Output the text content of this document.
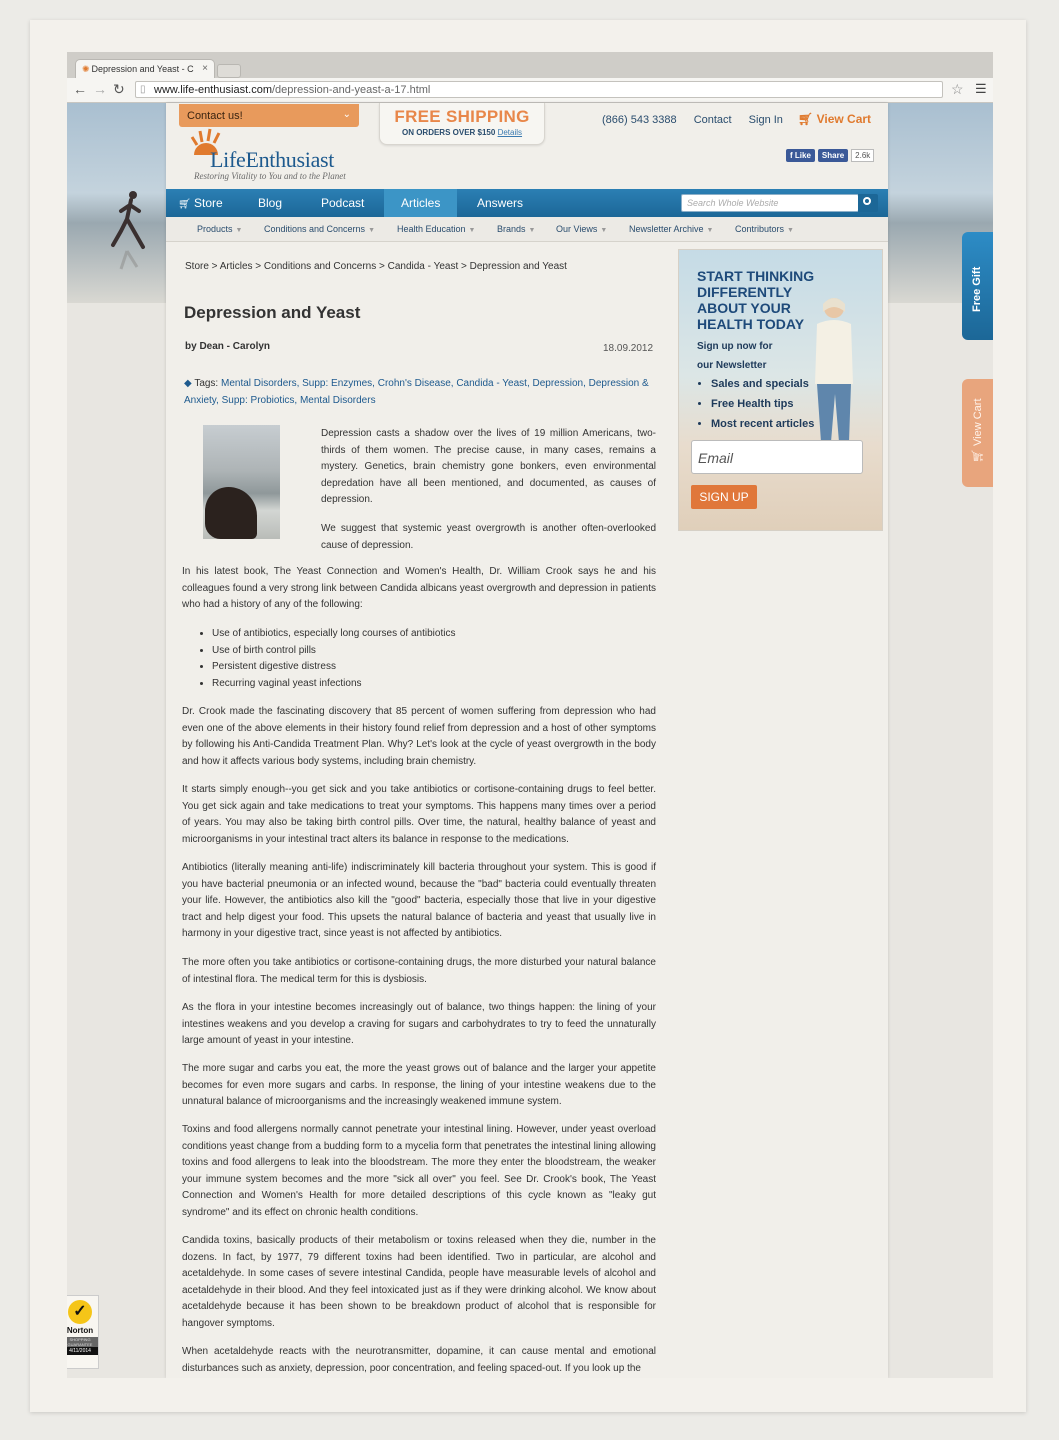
✺ Depression and Yeast - C ×
← → ↻ ▯ www.life-enthusiast.com/depression-and-yeast-a-17.html	☆ ☰
Contact us!	⌄
LifeEnthusiast
Restoring Vitality to You and to the Planet
FREE SHIPPING
ON ORDERS OVER $150 Details
(866) 543 3388 Contact Sign In	🛒︎ View Cart
f Like Share 2.6k
🛒︎ Store	Blog	Podcast	Articles	Answers	Search Whole Website
Products ▼ Conditions and Concerns ▼ Health Education ▼ Brands ▼ Our Views ▼ Newsletter Archive ▼ Contributors ▼
Store > Articles > Conditions and Concerns > Candida - Yeast > Depression and Yeast
Depression and Yeast
by Dean - Carolyn	18.09.2012
◆ Tags: Mental Disorders, Supp: Enzymes, Crohn's Disease, Candida - Yeast, Depression, Depression & Anxiety, Supp: Probiotics, Mental Disorders
Depression casts a shadow over the lives of 19 million Americans, two-thirds of them women. The precise cause, in many cases, remains a mystery. Genetics, brain chemistry gone bonkers, even environmental depredation have all been mentioned, and documented, as causes of depression.
We suggest that systemic yeast overgrowth is another often-overlooked cause of depression.
In his latest book, The Yeast Connection and Women's Health, Dr. William Crook says he and his colleagues found a very strong link between Candida albicans yeast overgrowth and depression in patients who had a history of any of the following:
• Use of antibiotics, especially long courses of antibiotics
• Use of birth control pills
• Persistent digestive distress
• Recurring vaginal yeast infections
Dr. Crook made the fascinating discovery that 85 percent of women suffering from depression who had even one of the above elements in their history found relief from depression and a host of other symptoms by following his Anti-Candida Treatment Plan. Why? Let's look at the cycle of yeast overgrowth in the body and how it affects various body systems, including brain chemistry.
It starts simply enough--you get sick and you take antibiotics or cortisone-containing drugs to feel better. You get sick again and take medications to treat your symptoms. This happens many times over a period of years. You may also be taking birth control pills. Over time, the natural, healthy balance of yeast and microorganisms in your intestinal tract alters its balance in response to the medications.
Antibiotics (literally meaning anti-life) indiscriminately kill bacteria throughout your system. This is good if you have bacterial pneumonia or an infected wound, because the "bad" bacteria could eventually threaten your life. However, the antibiotics also kill the "good" bacteria, especially those that live in your digestive tract and help digest your food. This upsets the natural balance of bacteria and yeast that usually live in harmony in your digestive tract, since yeast is not affected by antibiotics.
The more often you take antibiotics or cortisone-containing drugs, the more disturbed your natural balance of intestinal flora. The medical term for this is dysbiosis.
As the flora in your intestine becomes increasingly out of balance, two things happen: the lining of your intestines weakens and you develop a craving for sugars and carbohydrates to try to feed the unnaturally large amount of yeast in your intestine.
The more sugar and carbs you eat, the more the yeast grows out of balance and the larger your appetite becomes for even more sugars and carbs. In response, the lining of your intestine weakens due to the unnatural balance of microorganisms and the increasingly weakened immune system.
Toxins and food allergens normally cannot penetrate your intestinal lining. However, under yeast overload conditions yeast change from a budding form to a mycelia form that penetrates the intestinal lining allowing toxins and food allergens to leak into the bloodstream. The more they enter the bloodstream, the weaker your immune system becomes and the more "sick all over" you feel. See Dr. Crook's book, The Yeast Connection and Women's Health for more detailed descriptions of this cycle known as "leaky gut syndrome" and its effect on chronic health conditions.
Candida toxins, basically products of their metabolism or toxins released when they die, number in the dozens. In fact, by 1977, 79 different toxins had been identified. Two in particular, are alcohol and acetaldehyde. In some cases of severe intestinal Candida, people have measurable levels of alcohol and acetaldehyde in their blood. And they feel intoxicated just as if they were drinking alcohol. We know about acetaldehyde because it has been shown to be breakdown product of alcohol that is responsible for hangover symptoms.
When acetaldehyde reacts with the neurotransmitter, dopamine, it can cause mental and emotional disturbances such as anxiety, depression, poor concentration, and feeling spaced-out. If you look up the
START THINKING DIFFERENTLY ABOUT YOUR HEALTH TODAY
Sign up now for our Newsletter
• Sales and specials
• Free Health tips
• Most recent articles
Email
SIGN UP
Free Gift
🛒︎ View Cart
✓
Norton
SHOPPING GUARANTEE
4/11/2014
